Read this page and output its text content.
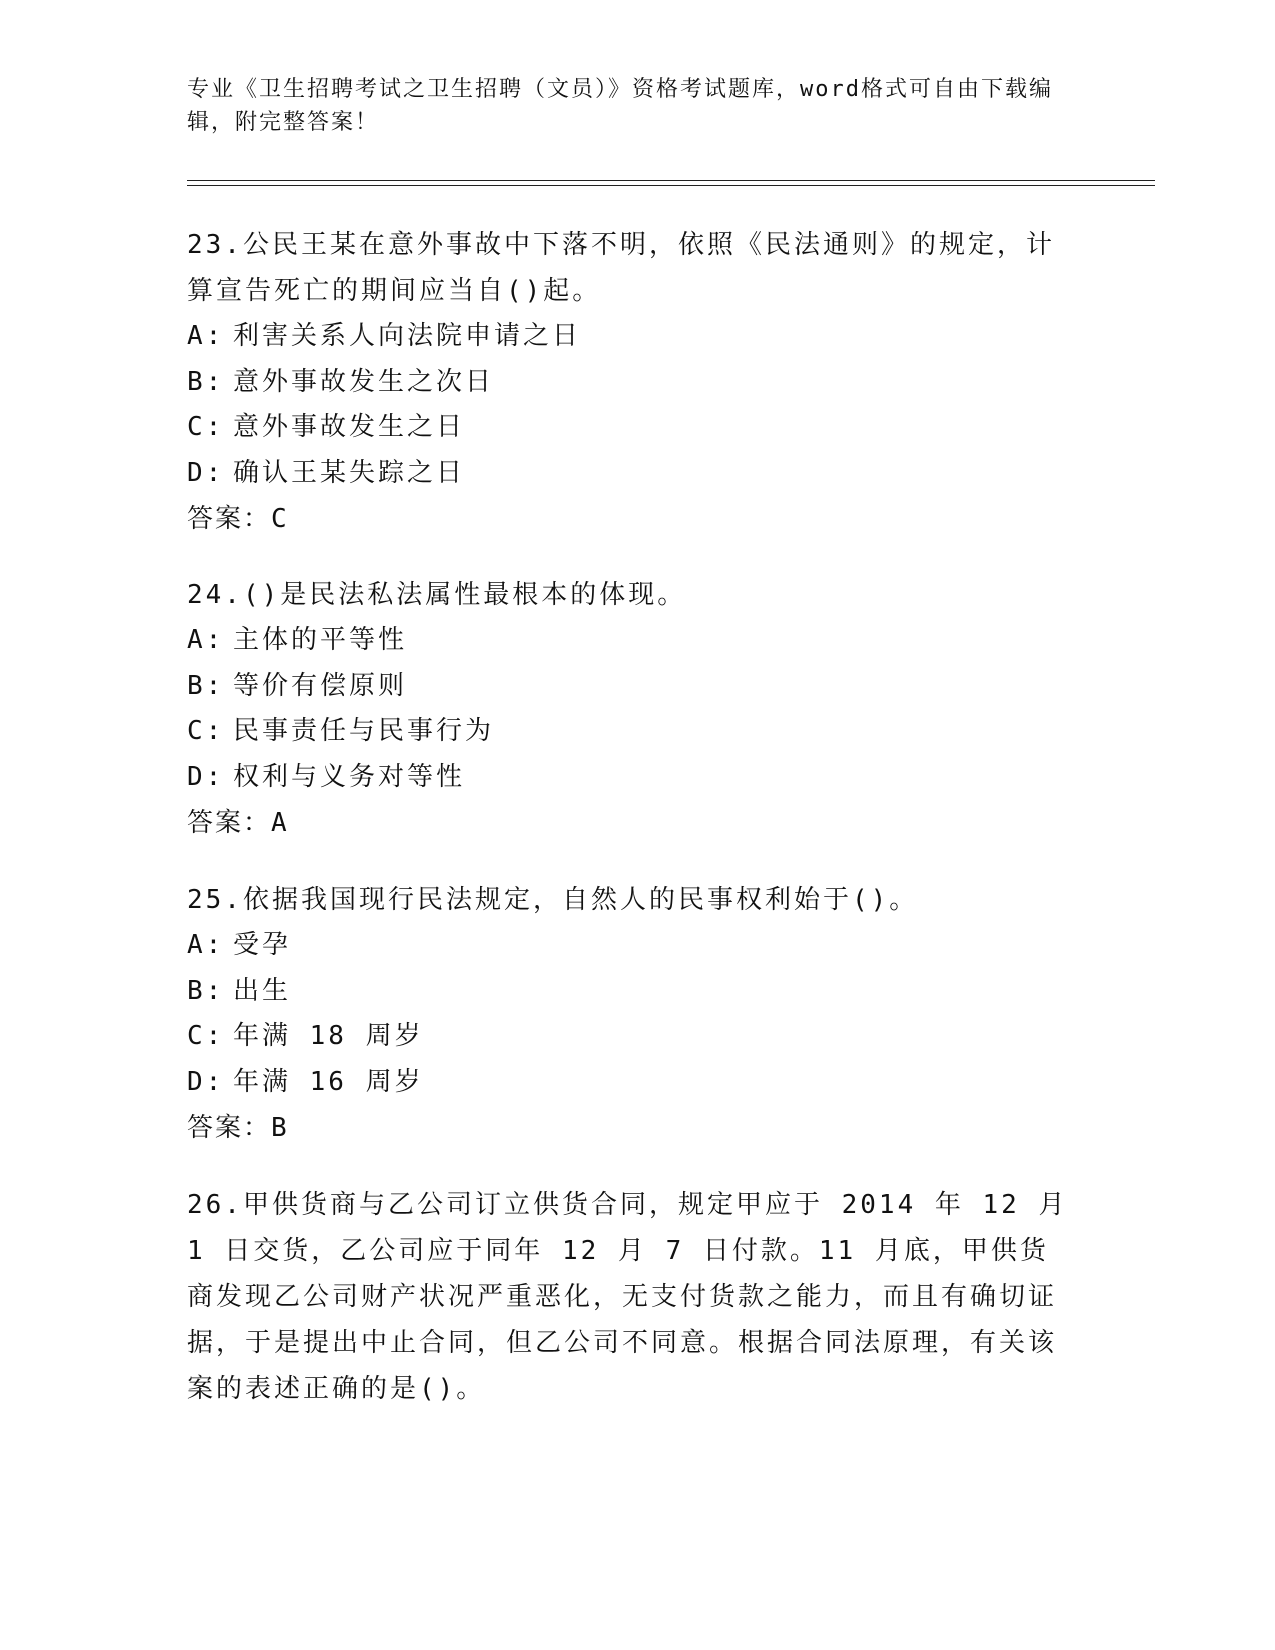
专业《卫生招聘考试之卫生招聘（文员）》资格考试题库，word格式可自由下载编辑，附完整答案！

23.公民王某在意外事故中下落不明，依照《民法通则》的规定，计算宣告死亡的期间应当自()起。

A: 利害关系人向法院申请之日

B: 意外事故发生之次日

C: 意外事故发生之日

D: 确认王某失踪之日

答案：C

24.()是民法私法属性最根本的体现。

A: 主体的平等性

B: 等价有偿原则

C: 民事责任与民事行为

D: 权利与义务对等性

答案：A

25.依据我国现行民法规定，自然人的民事权利始于()。

A: 受孕

B: 出生

C: 年满 18 周岁

D: 年满 16 周岁

答案：B

26.甲供货商与乙公司订立供货合同，规定甲应于 2014 年 12 月 1 日交货，乙公司应于同年 12 月 7 日付款。11 月底，甲供货商发现乙公司财产状况严重恶化，无支付货款之能力，而且有确切证据，于是提出中止合同，但乙公司不同意。根据合同法原理，有关该案的表述正确的是()。
